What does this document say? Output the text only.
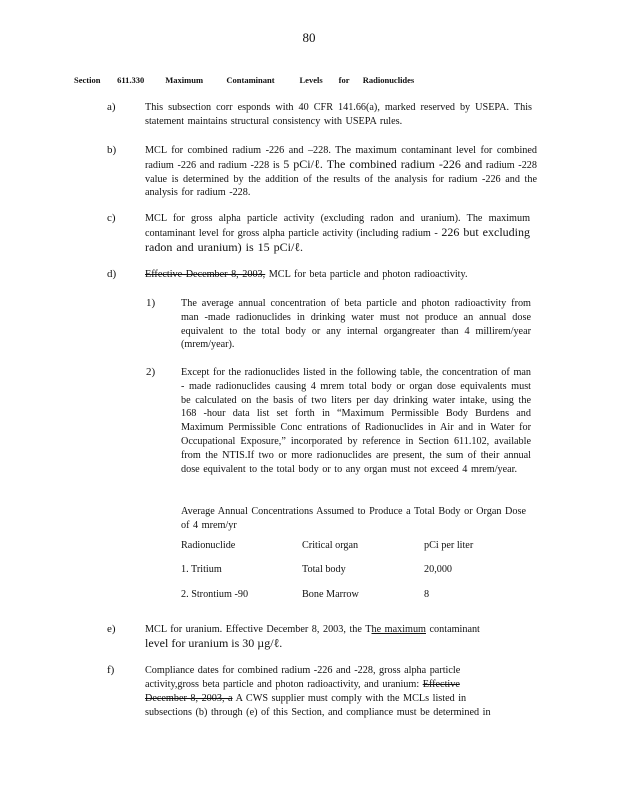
80
Section 611.330 Maximum	Contaminant	Levels for Radionuclides
a)	This subsection corr esponds with 40 CFR 141.66(a), marked reserved by USEPA. This statement maintains structural consistency with USEPA rules.
b)	MCL for combined radium -226 and –228. The maximum contaminant level for combined radium -226 and radium -228 is 5 pCi/ℓ. The combined radium -226 and radium -228 value is determined by the addition of the results of the analysis for radium -226 and the analysis for radium -228.
c)	MCL for gross alpha particle activity (excluding radon and uranium). The maximum contaminant level for gross alpha particle activity (including radium - 226 but excluding radon and uranium) is 15 pCi/ℓ.
d)	Effective December 8, 2003, MCL for beta particle and photon radioactivity.
1)	The average annual concentration of beta particle and photon radioactivity from man -made radionuclides in drinking water must not produce an annual dose equivalent to the total body or any internal organgreater than 4 millirem/year (mrem/year).
2)	Except for the radionuclides listed in the following table, the concentration of man - made radionuclides causing 4 mrem total body or organ dose equivalents must be calculated on the basis of two liters per day drinking water intake, using the 168 -hour data list set forth in “Maximum Permissible Body Burdens and Maximum Permissible Conc entrations of Radionuclides in Air and in Water for Occupational Exposure,” incorporated by reference in Section 611.102, available from the NTIS.If two or more radionuclides are present, the sum of their annual dose equivalent to the total body or to any organ must not exceed 4 mrem/year.
Average Annual Concentrations Assumed to Produce a Total Body or Organ Dose of 4 mrem/yr
Radionuclide	Critical organ	pCi per liter
1. Tritium	Total body	20,000
2. Strontium -90	Bone Marrow	8
e)	MCL for uranium. Effective December 8, 2003, the The maximum contaminant
level for uranium is 30 µg/ℓ.
f)	Compliance dates for combined radium -226 and -228, gross alpha particle
activity,gross beta particle and photon radioactivity, and uranium: Effective
December 8, 2003, a A CWS supplier must comply with the MCLs listed in
subsections (b) through (e) of this Section, and compliance must be determined in
